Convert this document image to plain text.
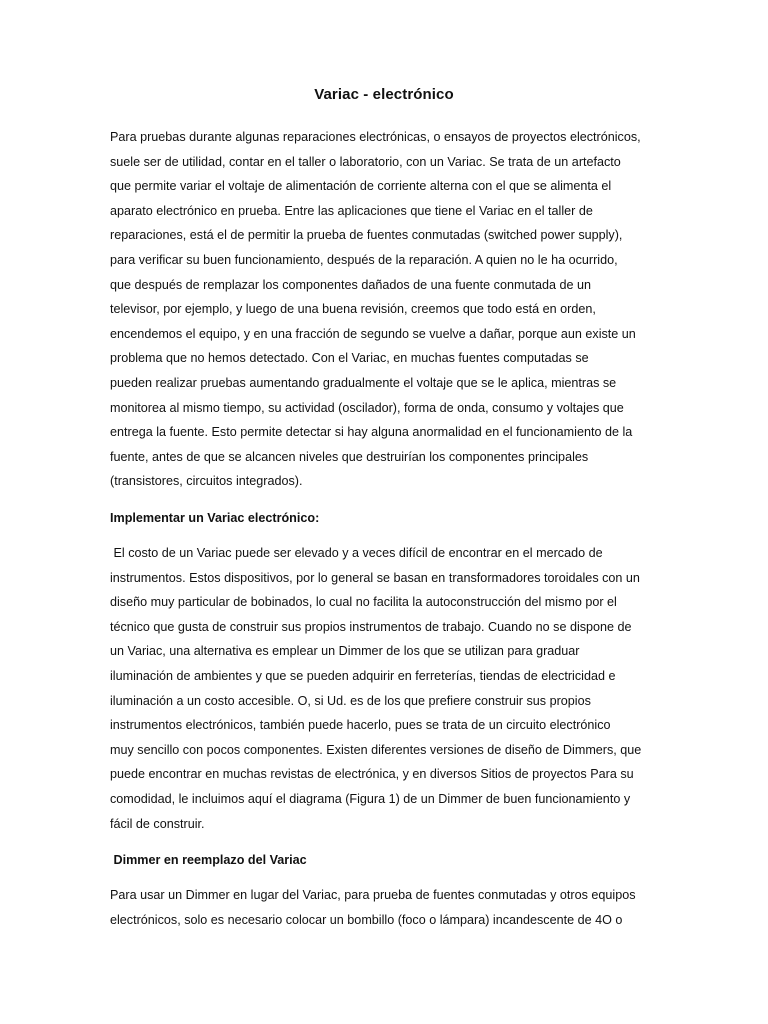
Variac - electrónico
Para pruebas durante algunas reparaciones electrónicas, o ensayos de proyectos electrónicos,
suele ser de utilidad, contar en el taller o laboratorio, con un Variac. Se trata de un artefacto
que permite variar el voltaje de alimentación de corriente alterna con el que se alimenta el
aparato electrónico en prueba. Entre las aplicaciones que tiene el Variac en el taller de
reparaciones, está el de permitir la prueba de fuentes conmutadas (switched power supply),
para verificar su buen funcionamiento, después de la reparación. A quien no le ha ocurrido,
que después de remplazar los componentes dañados de una fuente conmutada de un
televisor, por ejemplo, y luego de una buena revisión, creemos que todo está en orden,
encendemos el equipo, y en una fracción de segundo se vuelve a dañar, porque aun existe un
problema que no hemos detectado. Con el Variac, en muchas fuentes computadas se
pueden realizar pruebas aumentando gradualmente el voltaje que se le aplica, mientras se
monitorea al mismo tiempo, su actividad (oscilador), forma de onda, consumo y voltajes que
entrega la fuente. Esto permite detectar si hay alguna anormalidad en el funcionamiento de la
fuente, antes de que se alcancen niveles que destruirían los componentes principales
(transistores, circuitos integrados).
Implementar un Variac electrónico:
El costo de un Variac puede ser elevado y a veces difícil de encontrar en el mercado de
instrumentos. Estos dispositivos, por lo general se basan en transformadores toroidales con un
diseño muy particular de bobinados, lo cual no facilita la autoconstrucción del mismo por el
técnico que gusta de construir sus propios instrumentos de trabajo. Cuando no se dispone de
un Variac, una alternativa es emplear un Dimmer de los que se utilizan para graduar
iluminación de ambientes y que se pueden adquirir en ferreterías, tiendas de electricidad e
iluminación a un costo accesible. O, si Ud. es de los que prefiere construir sus propios
instrumentos electrónicos, también puede hacerlo, pues se trata de un circuito electrónico
muy sencillo con pocos componentes. Existen diferentes versiones de diseño de Dimmers, que
puede encontrar en muchas revistas de electrónica, y en diversos Sitios de proyectos Para su
comodidad, le incluimos aquí el diagrama (Figura 1) de un Dimmer de buen funcionamiento y
fácil de construir.
Dimmer en reemplazo del Variac
Para usar un Dimmer en lugar del Variac, para prueba de fuentes conmutadas y otros equipos
electrónicos, solo es necesario colocar un bombillo (foco o lámpara) incandescente de 4O o
